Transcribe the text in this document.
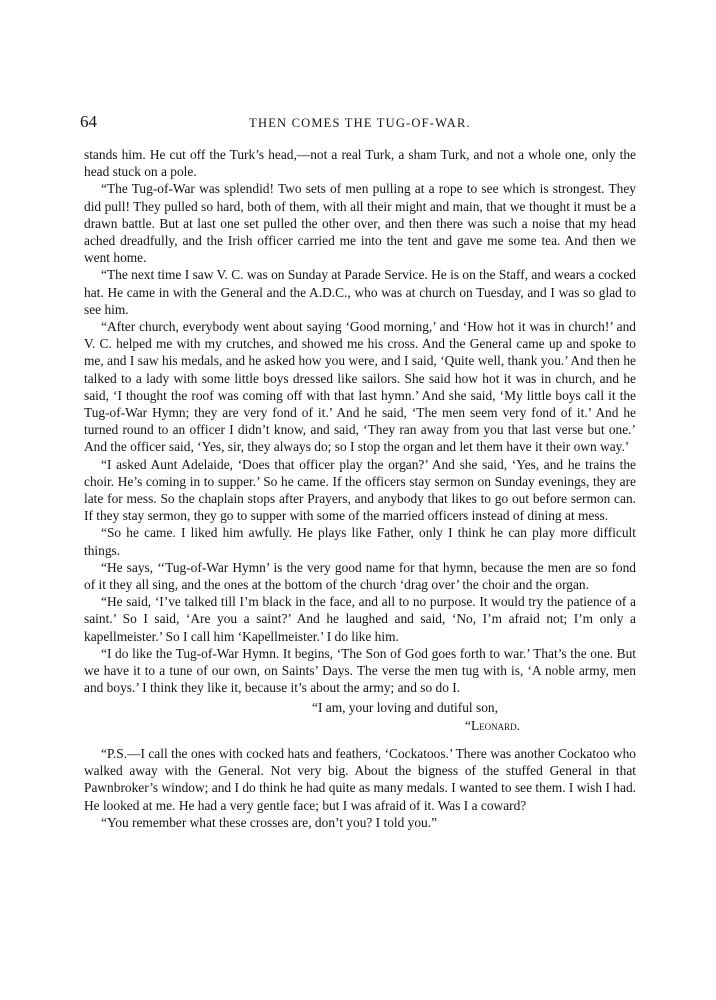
64	THEN COMES THE TUG-OF-WAR.

stands him. He cut off the Turk’s head,—not a real Turk, a sham Turk, and not a whole one, only the head stuck on a pole.

“The Tug-of-War was splendid! Two sets of men pulling at a rope to see which is strongest. They did pull! They pulled so hard, both of them, with all their might and main, that we thought it must be a drawn battle. But at last one set pulled the other over, and then there was such a noise that my head ached dreadfully, and the Irish officer carried me into the tent and gave me some tea. And then we went home.

“The next time I saw V. C. was on Sunday at Parade Service. He is on the Staff, and wears a cocked hat. He came in with the General and the A.D.C., who was at church on Tuesday, and I was so glad to see him.

“After church, everybody went about saying ‘Good morning,’ and ‘How hot it was in church!’ and V. C. helped me with my crutches, and showed me his cross. And the General came up and spoke to me, and I saw his medals, and he asked how you were, and I said, ‘Quite well, thank you.’ And then he talked to a lady with some little boys dressed like sailors. She said how hot it was in church, and he said, ‘I thought the roof was coming off with that last hymn.’ And she said, ‘My little boys call it the Tug-of-War Hymn; they are very fond of it.’ And he said, ‘The men seem very fond of it.’ And he turned round to an officer I didn’t know, and said, ‘They ran away from you that last verse but one.’ And the officer said, ‘Yes, sir, they always do; so I stop the organ and let them have it their own way.’

“I asked Aunt Adelaide, ‘Does that officer play the organ?’ And she said, ‘Yes, and he trains the choir. He’s coming in to supper.’ So he came. If the officers stay sermon on Sunday evenings, they are late for mess. So the chaplain stops after Prayers, and anybody that likes to go out before sermon can. If they stay sermon, they go to supper with some of the married officers instead of dining at mess.

“So he came. I liked him awfully. He plays like Father, only I think he can play more difficult things.

“He says, ‘‘Tug-of-War Hymn’ is the very good name for that hymn, because the men are so fond of it they all sing, and the ones at the bottom of the church ‘drag over’ the choir and the organ.

“He said, ‘I’ve talked till I’m black in the face, and all to no purpose. It would try the patience of a saint.’ So I said, ‘Are you a saint?’ And he laughed and said, ‘No, I’m afraid not; I’m only a kapellmeister.’ So I call him ‘Kapellmeister.’ I do like him.

“I do like the Tug-of-War Hymn. It begins, ‘The Son of God goes forth to war.’ That’s the one. But we have it to a tune of our own, on Saints’ Days. The verse the men tug with is, ‘A noble army, men and boys.’ I think they like it, because it’s about the army; and so do I.

“I am, your loving and dutiful son,

“Leonard.

“P.S.—I call the ones with cocked hats and feathers, ‘Cockatoos.’ There was another Cockatoo who walked away with the General. Not very big. About the bigness of the stuffed General in that Pawnbroker’s window; and I do think he had quite as many medals. I wanted to see them. I wish I had. He looked at me. He had a very gentle face; but I was afraid of it. Was I a coward?

“You remember what these crosses are, don’t you? I told you.”
